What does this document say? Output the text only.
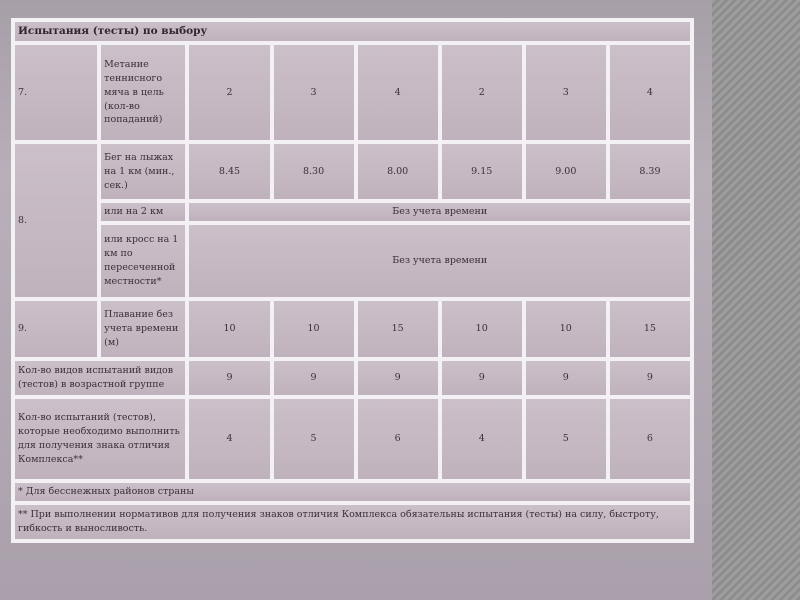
Испытания (тесты) по выбору							
7.	Метание теннисного мяча в цель (кол-во попаданий)	2	3	4	2	3	4
8.	Бег на лыжах на 1 км (мин., сек.)	8.45	8.30	8.00	9.15	9.00	8.39
	или на 2 км	Без учета времени					
	или кросс на 1 км по пересеченной местности*	Без учета времени					
9.	Плавание без учета времени (м)	10	10	15	10	10	15
Кол-во видов испытаний видов (тестов) в возрастной группе		9	9	9	9	9	9
Кол-во испытаний (тестов), которые необходимо выполнить для получения знака отличия Комплекса**		4	5	6	4	5	6
* Для бесснежных районов страны							
** При выполнении нормативов для получения знаков отличия Комплекса обязательны испытания (тесты) на силу, быстроту, гибкость и выносливость.							
